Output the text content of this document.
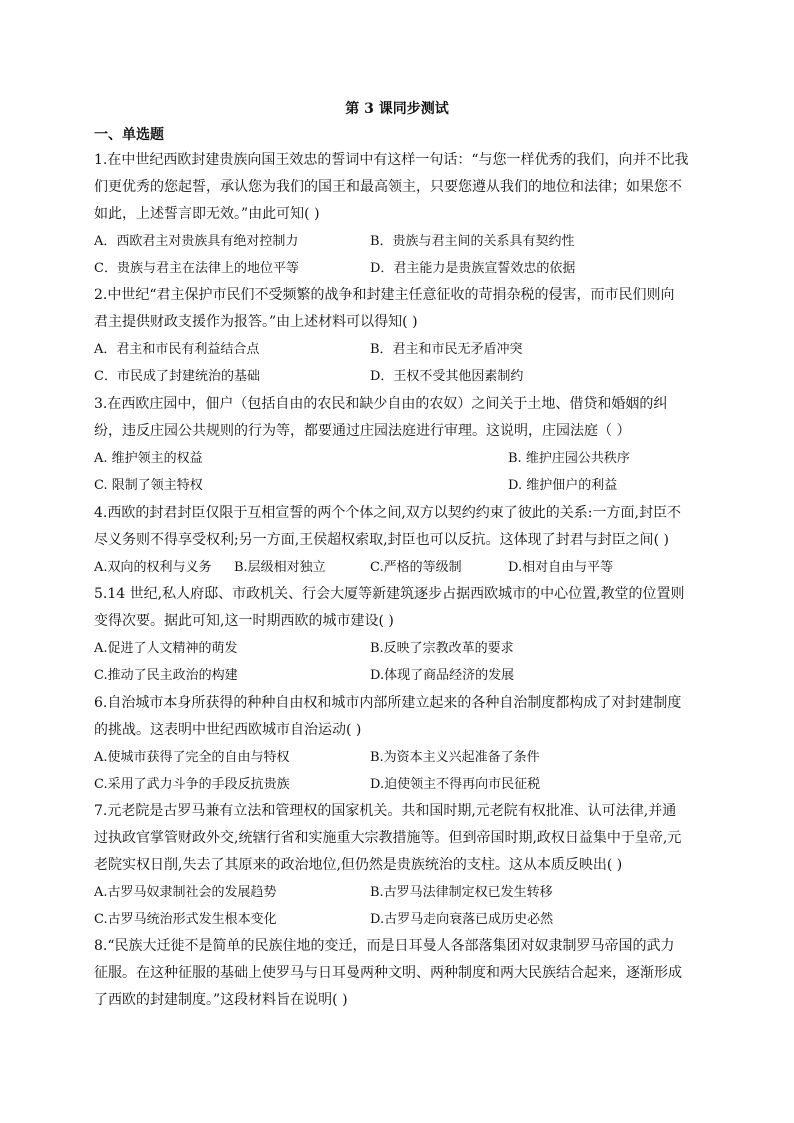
第 3 课同步测试
一、单选题

1.在中世纪西欧封建贵族向国王效忠的誓词中有这样一句话：“与您一样优秀的我们，向并不比我

们更优秀的您起誓，承认您为我们的国王和最高领主，只要您遵从我们的地位和法律；如果您不

如此，上述誓言即无效。”由此可知( )

A．西欧君主对贵族具有绝对控制力	B．贵族与君主间的关系具有契约性
C．贵族与君主在法律上的地位平等	D．君主能力是贵族宣誓效忠的依据

2.中世纪“君主保护市民们不受频繁的战争和封建主任意征收的苛捐杂税的侵害，而市民们则向

君主提供财政支援作为报答。”由上述材料可以得知( )

A．君主和市民有利益结合点	B．君主和市民无矛盾冲突
C．市民成了封建统治的基础	D．王权不受其他因素制约

3.在西欧庄园中，佃户（包括自由的农民和缺少自由的农奴）之间关于土地、借贷和婚姻的纠

纷，违反庄园公共规则的行为等，都要通过庄园法庭进行审理。这说明，庄园法庭（ ）

A. 维护领主的权益	B. 维护庄园公共秩序
C. 限制了领主特权	D. 维护佃户的利益

4.西欧的封君封臣仅限于互相宣誓的两个个体之间,双方以契约约束了彼此的关系:一方面,封臣不

尽义务则不得享受权利;另一方面,王侯超权索取,封臣也可以反抗。这体现了封君与封臣之间( )

A.双向的权利与义务	B.层级相对独立	C.严格的等级制	D.相对自由与平等

5.14 世纪,私人府邸、市政机关、行会大厦等新建筑逐步占据西欧城市的中心位置,教堂的位置则

变得次要。据此可知,这一时期西欧的城市建设( )

A.促进了人文精神的萌发	B.反映了宗教改革的要求
C.推动了民主政治的构建	D.体现了商品经济的发展

6.自治城市本身所获得的种种自由权和城市内部所建立起来的各种自治制度都构成了对封建制度

的挑战。这表明中世纪西欧城市自治运动( )

A.使城市获得了完全的自由与特权	B.为资本主义兴起准备了条件
C.采用了武力斗争的手段反抗贵族	D.迫使领主不得再向市民征税

7.元老院是古罗马兼有立法和管理权的国家机关。共和国时期,元老院有权批准、认可法律,并通

过执政官掌管财政外交,统辖行省和实施重大宗教措施等。但到帝国时期,政权日益集中于皇帝,元

老院实权日削,失去了其原来的政治地位,但仍然是贵族统治的支柱。这从本质反映出( )

A.古罗马奴隶制社会的发展趋势	B.古罗马法律制定权已发生转移
C.古罗马统治形式发生根本变化	D.古罗马走向衰落已成历史必然

8.“民族大迁徙不是简单的民族住地的变迁，而是日耳曼人各部落集团对奴隶制罗马帝国的武力

征服。在这种征服的基础上使罗马与日耳曼两种文明、两种制度和两大民族结合起来，逐渐形成

了西欧的封建制度。”这段材料旨在说明( )
